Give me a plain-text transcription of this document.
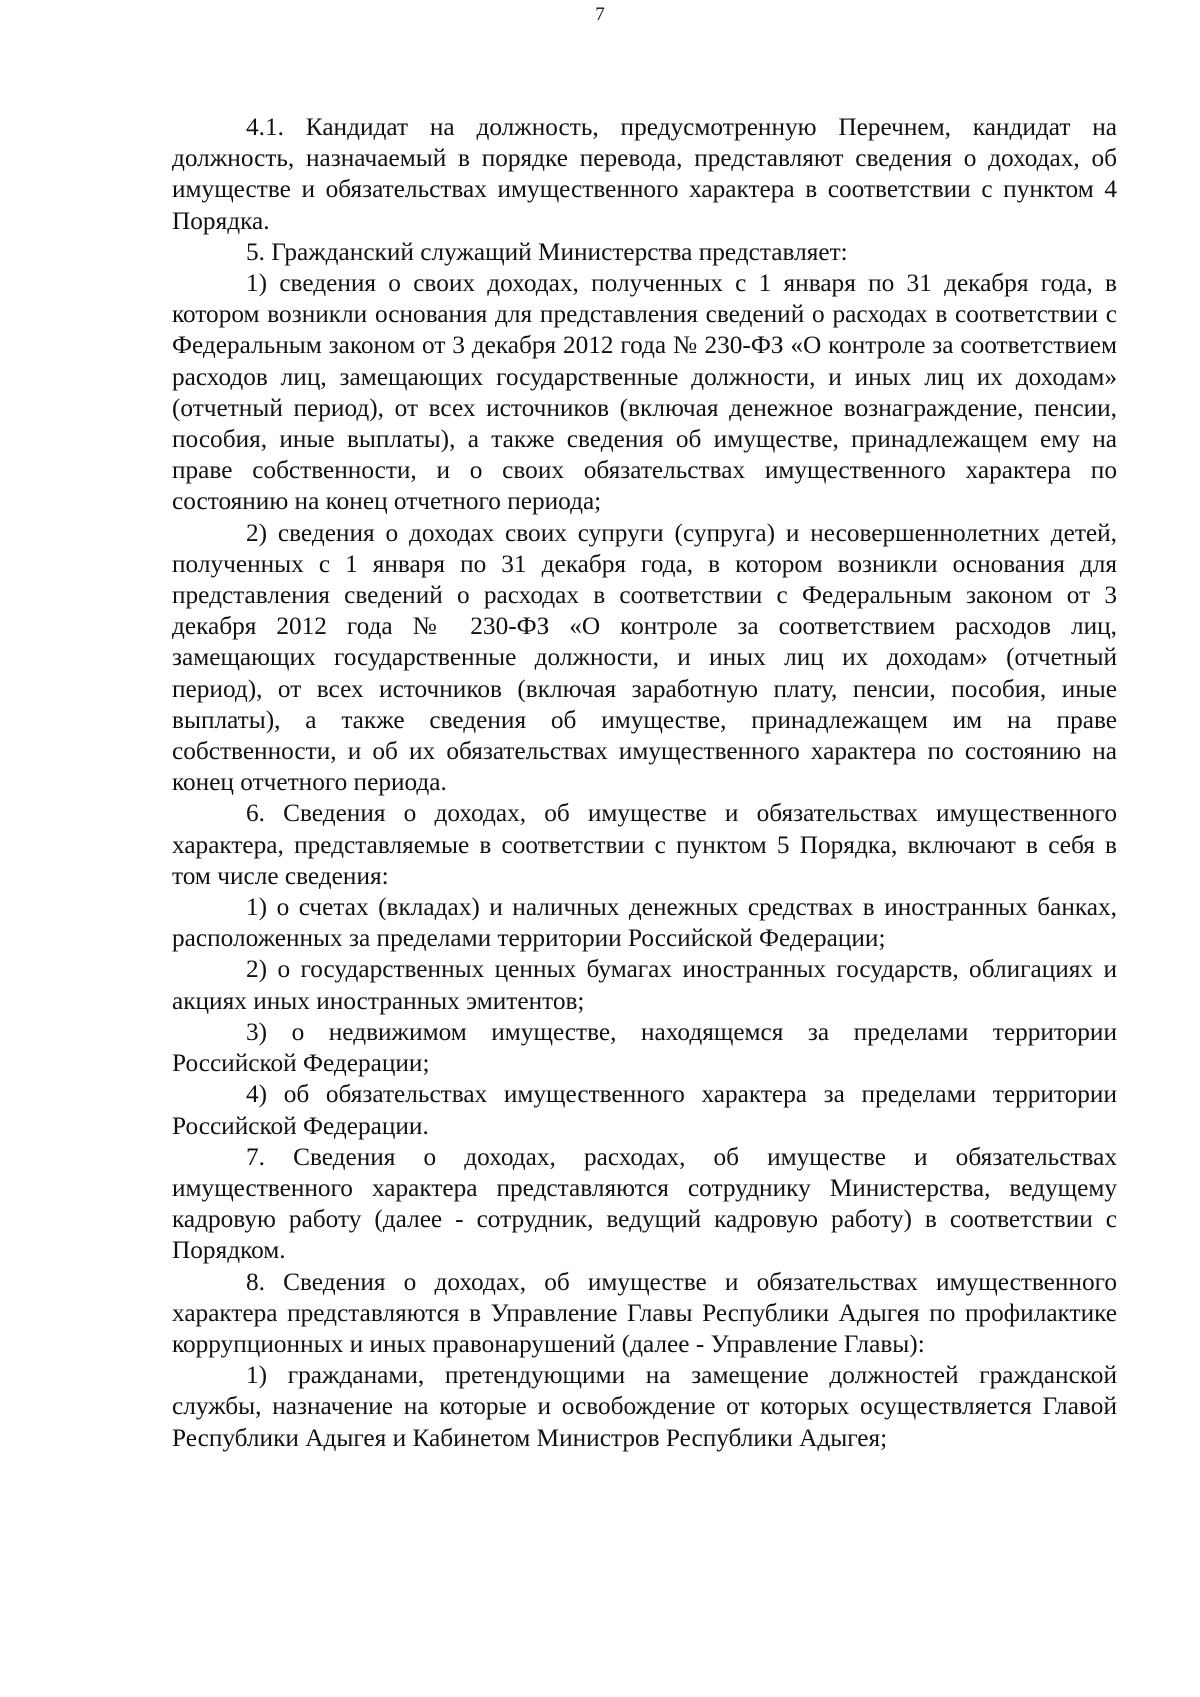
7

4.1. Кандидат на должность, предусмотренную Перечнем, кандидат на должность, назначаемый в порядке перевода, представляют сведения о доходах, об имуществе и обязательствах имущественного характера в соответствии с пунктом 4 Порядка.

5. Гражданский служащий Министерства представляет:

1) сведения о своих доходах, полученных с 1 января по 31 декабря года, в котором возникли основания для представления сведений о расходах в соответствии с Федеральным законом от 3 декабря 2012 года № 230-ФЗ «О контроле за соответствием расходов лиц, замещающих государственные должности, и иных лиц их доходам» (отчетный период), от всех источников (включая денежное вознаграждение, пенсии, пособия, иные выплаты), а также сведения об имуществе, принадлежащем ему на праве собственности, и о своих обязательствах имущественного характера по состоянию на конец отчетного периода;

2) сведения о доходах своих супруги (супруга) и несовершеннолетних детей, полученных с 1 января по 31 декабря года, в котором возникли основания для представления сведений о расходах в соответствии с Федеральным законом от 3 декабря 2012 года № 230-ФЗ «О контроле за соответствием расходов лиц, замещающих государственные должности, и иных лиц их доходам» (отчетный период), от всех источников (включая заработную плату, пенсии, пособия, иные выплаты), а также сведения об имуществе, принадлежащем им на праве собственности, и об их обязательствах имущественного характера по состоянию на конец отчетного периода.

6. Сведения о доходах, об имуществе и обязательствах имущественного характера, представляемые в соответствии с пунктом 5 Порядка, включают в себя в том числе сведения:

1) о счетах (вкладах) и наличных денежных средствах в иностранных банках, расположенных за пределами территории Российской Федерации;

2) о государственных ценных бумагах иностранных государств, облигациях и акциях иных иностранных эмитентов;

3) о недвижимом имуществе, находящемся за пределами территории Российской Федерации;

4) об обязательствах имущественного характера за пределами территории Российской Федерации.

7. Сведения о доходах, расходах, об имуществе и обязательствах имущественного характера представляются сотруднику Министерства, ведущему кадровую работу (далее - сотрудник, ведущий кадровую работу) в соответствии с Порядком.

8. Сведения о доходах, об имуществе и обязательствах имущественного характера представляются в Управление Главы Республики Адыгея по профилактике коррупционных и иных правонарушений (далее - Управление Главы):

1) гражданами, претендующими на замещение должностей гражданской службы, назначение на которые и освобождение от которых осуществляется Главой Республики Адыгея и Кабинетом Министров Республики Адыгея;
